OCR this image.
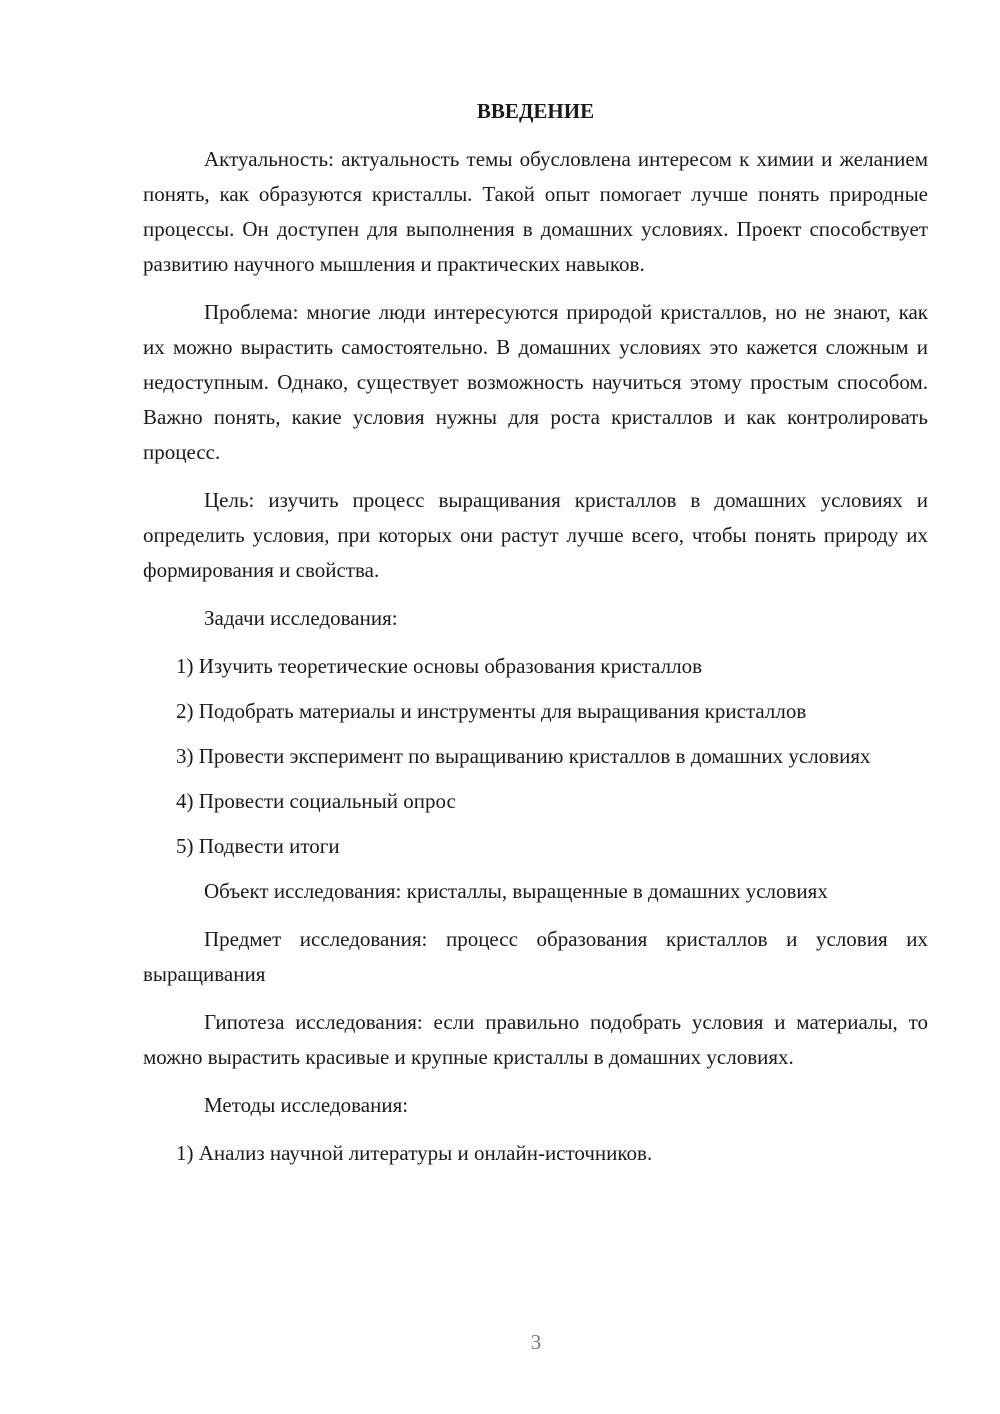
ВВЕДЕНИЕ

Актуальность: актуальность темы обусловлена интересом к химии и желанием понять, как образуются кристаллы. Такой опыт помогает лучше понять природные процессы. Он доступен для выполнения в домашних условиях. Проект способствует развитию научного мышления и практических навыков.

Проблема: многие люди интересуются природой кристаллов, но не знают, как их можно вырастить самостоятельно. В домашних условиях это кажется сложным и недоступным. Однако, существует возможность научиться этому простым способом. Важно понять, какие условия нужны для роста кристаллов и как контролировать процесс.

Цель: изучить процесс выращивания кристаллов в домашних условиях и определить условия, при которых они растут лучше всего, чтобы понять природу их формирования и свойства.

Задачи исследования:

1) Изучить теоретические основы образования кристаллов

2) Подобрать материалы и инструменты для выращивания кристаллов

3) Провести эксперимент по выращиванию кристаллов в домашних условиях

4) Провести социальный опрос

5) Подвести итоги

Объект исследования: кристаллы, выращенные в домашних условиях

Предмет исследования: процесс образования кристаллов и условия их выращивания

Гипотеза исследования: если правильно подобрать условия и материалы, то можно вырастить красивые и крупные кристаллы в домашних условиях.

Методы исследования:

1) Анализ научной литературы и онлайн-источников.

3
